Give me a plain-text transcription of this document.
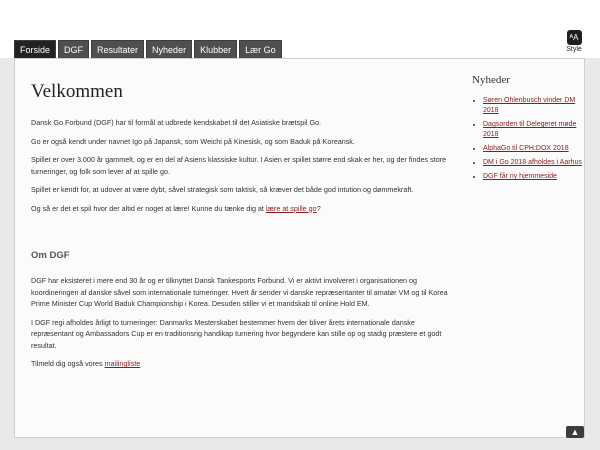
Forside	DGF	Resultater	Nyheder	Klubber	Lær Go
ᴬA
Style
Velkommen

Dansk Go Forbund (DGF) har til formål at udbrede kendskabet til det Asiatiske brætspil Go.

Go er også kendt under navnet Igo på Japansk, som Weichi på Kinesisk, og som Baduk på Koreansk.

Spillet er over 3.000 år gammelt, og er en del af Asiens klassiske kultur. I Asien er spillet større end skak er her, og der findes store turneringer, og folk som lever af at spille go.

Spillet er kendt for, at udover at være dybt, såvel strategisk som taktisk, så kræver det både god intution og dømmekraft.

Og så er det et spil hvor der altid er noget at lære! Kunne du tænke dig at lære at spille go?

Om DGF

DGF har eksisteret i mere end 30 år og er tilknyttet Dansk Tankesports Forbund. Vi er aktivt involveret i organisationen og koordineringen af danske såvel som internationale turneringer. Hvert år sender vi danske repræsentanter til amatør VM og til Korea Prime Minister Cup World Baduk Championship i Korea. Desuden stiller vi et mandskab til online Hold EM.

I DGF regi afholdes årligt to turneringer: Danmarks Mesterskabet bestemmer hvem der bliver årets internationale danske repræsentant og Ambassadors Cup er en traditionsrig handikap turnering hvor begyndere kan stille op og stadig præstere et godt resultat.

Tilmeld dig også vores mailingliste

Nyheder
• Søren Ohlenbusch vinder DM 2018
• Dagsorden til Delegeret møde 2018
• AlphaGo til CPH:DOX 2018
• DM i Go 2018 afholdes i Aarhus
• DGF får ny hjemmeside
▲
